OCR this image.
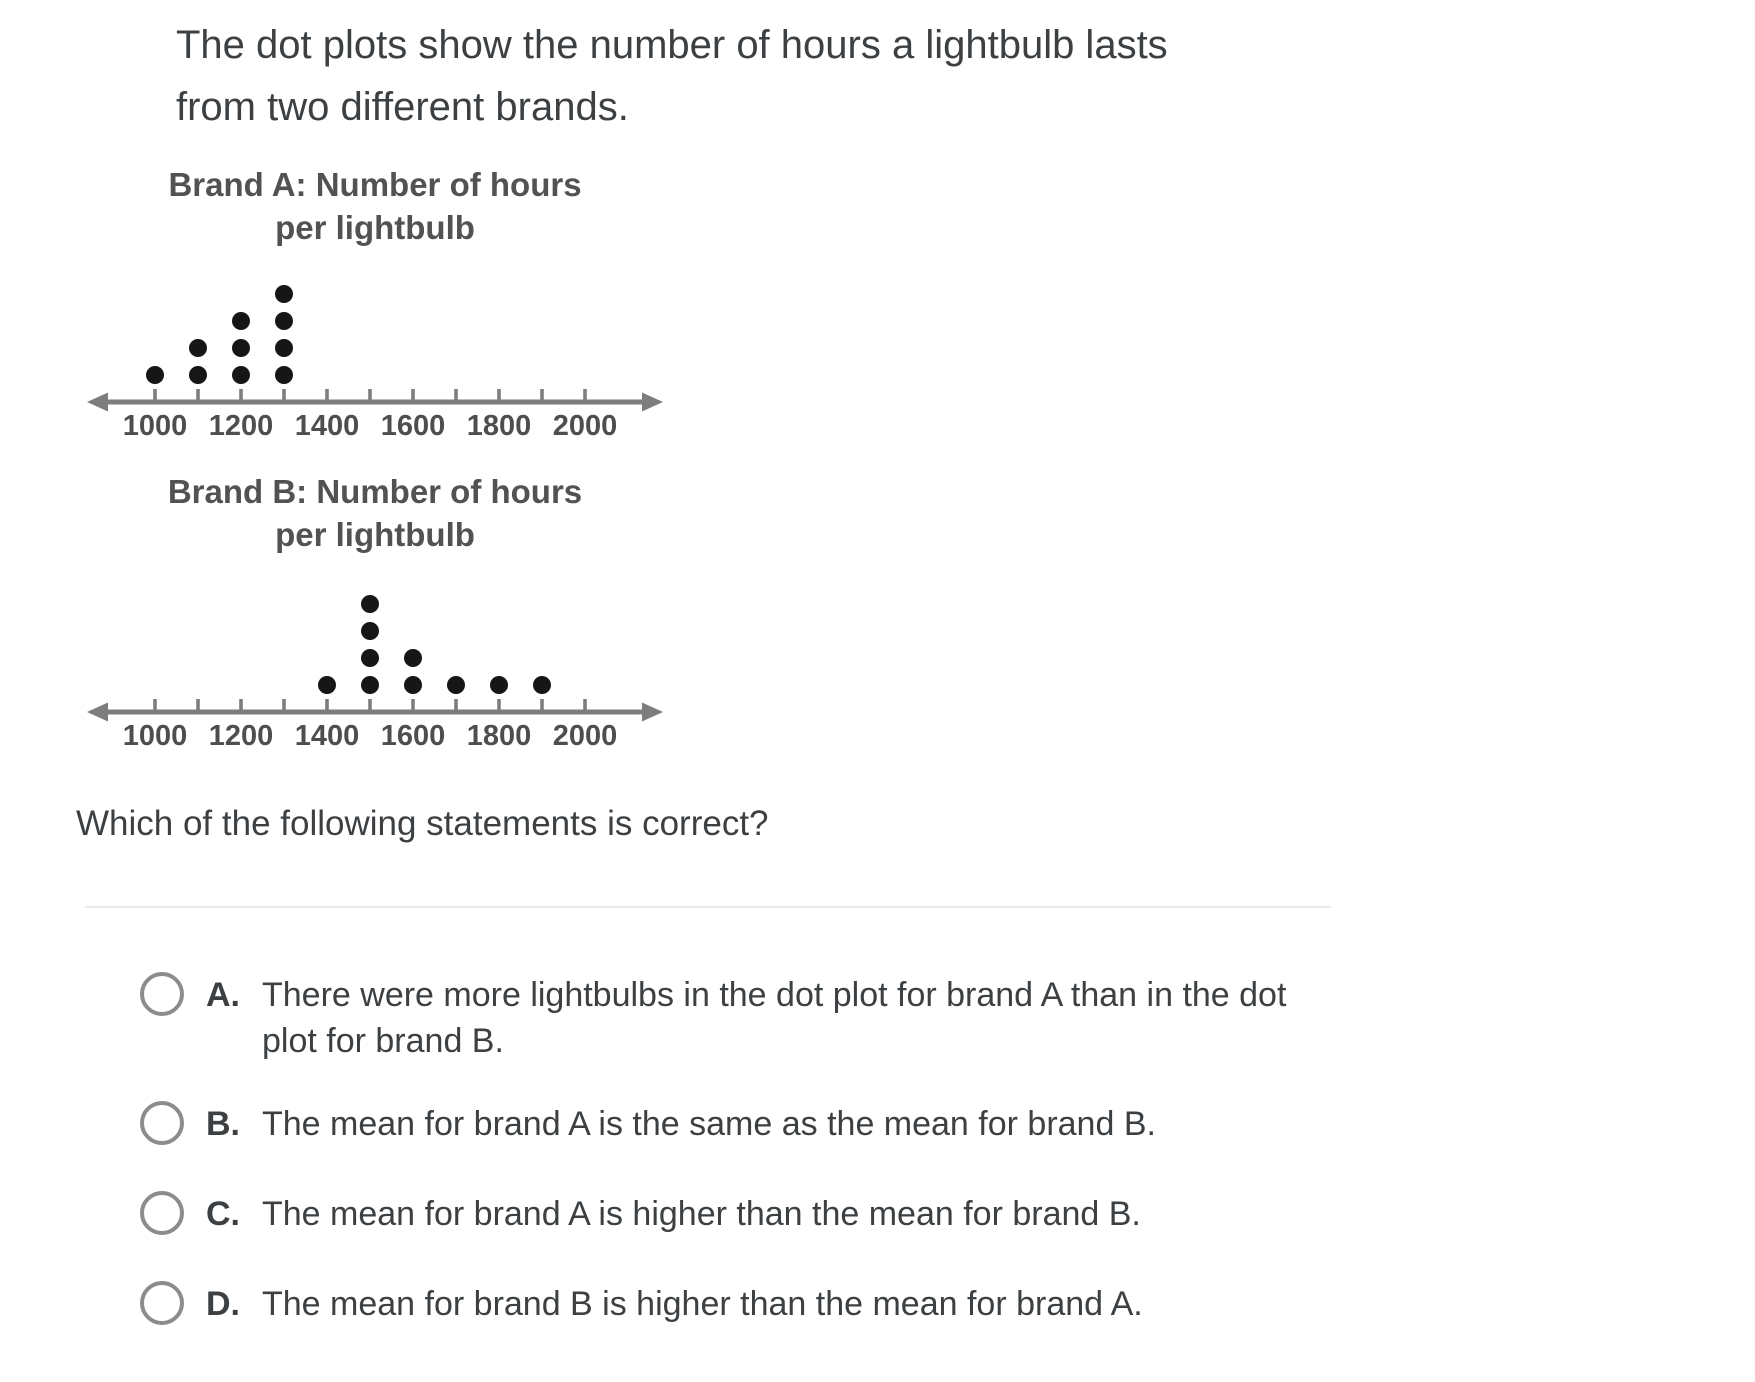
The dot plots show the number of hours a lightbulb lasts
from two different brands.
Brand A: Number of hours
per lightbulb
1000 1200 1400 1600 1800 2000
Brand B: Number of hours
per lightbulb
1000 1200 1400 1600 1800 2000
Which of the following statements is correct?
A. There were more lightbulbs in the dot plot for brand A than in the dot plot for brand B.
B. The mean for brand A is the same as the mean for brand B.
C. The mean for brand A is higher than the mean for brand B.
D. The mean for brand B is higher than the mean for brand A.
